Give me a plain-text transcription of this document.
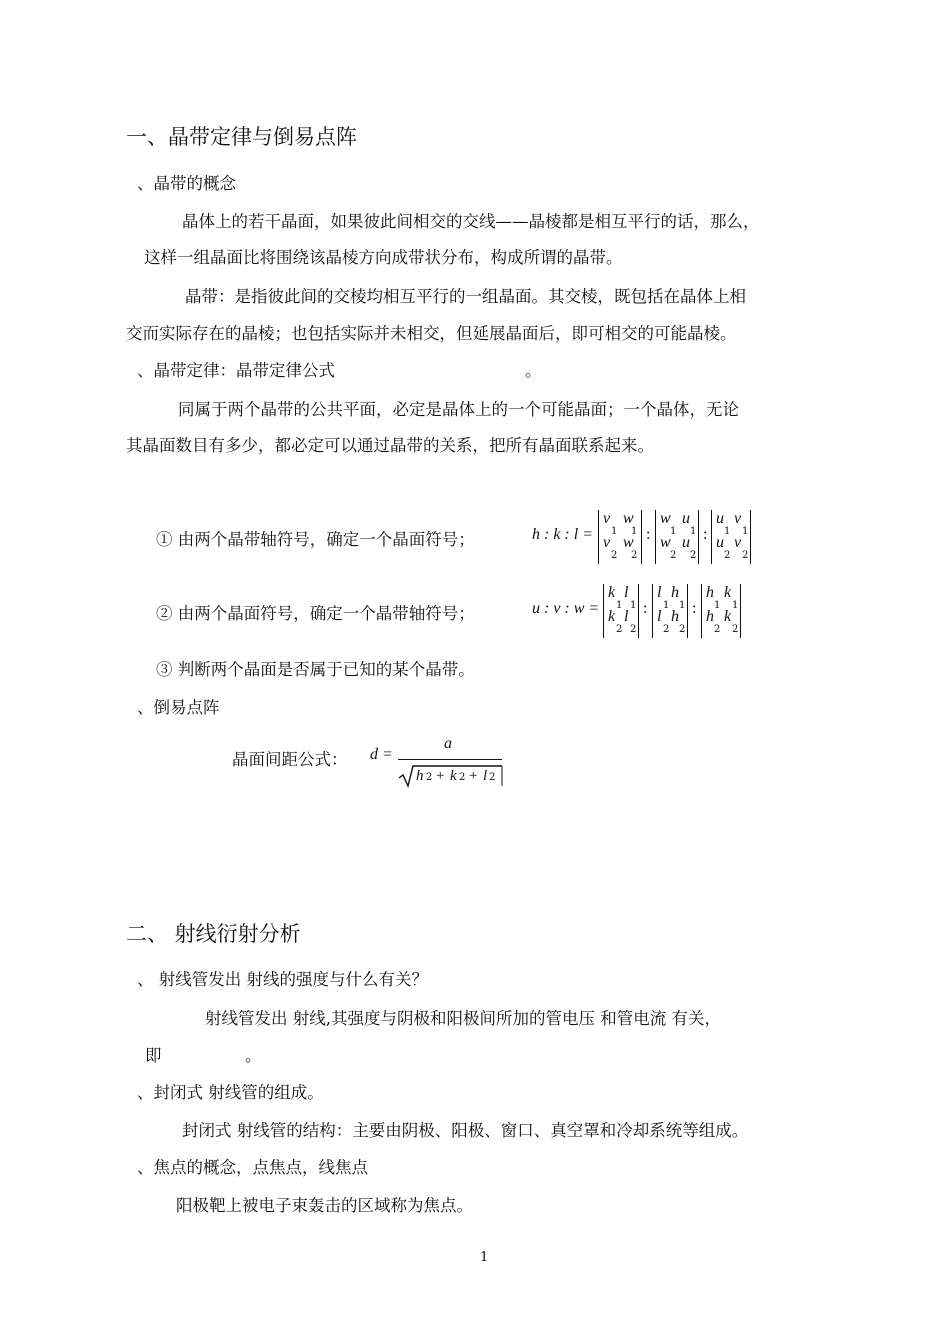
一、晶带定律与倒易点阵
、晶带的概念
晶体上的若干晶面，如果彼此间相交的交线——晶棱都是相互平行的话，那么，
这样一组晶面比将围绕该晶棱方向成带状分布，构成所谓的晶带。
晶带：是指彼此间的交棱均相互平行的一组晶面。其交棱，既包括在晶体上相
交而实际存在的晶棱；也包括实际并未相交，但延展晶面后，即可相交的可能晶棱。
、晶带定律：晶带定律公式	。
同属于两个晶带的公共平面，必定是晶体上的一个可能晶面；一个晶体，无论
其晶面数目有多少，都必定可以通过晶带的关系，把所有晶面联系起来。
① 由两个晶带轴符号，确定一个晶面符号；	h : k : l =
v w
1 1
v w
2 2
:
w u
1 1
w u
2 2
:
u v
1 1
u v
2 2
② 由两个晶面符号，确定一个晶带轴符号；	u : v : w =
k l
1 1
k l
2 2
:
l h
1 1
l h
2 2
:
h k
1 1
h k
2 2
③ 判断两个晶面是否属于已知的某个晶带。
、倒易点阵
晶面间距公式： d =
a
h 2 + k 2 + l 2
二、 射线衍射分析
、 射线管发出 射线的强度与什么有关？
射线管发出 射线,其强度与阴极和阳极间所加的管电压 和管电流 有关，
即	。
、封闭式 射线管的组成。
封闭式 射线管的结构：主要由阴极、阳极、窗口、真空罩和冷却系统等组成。
、焦点的概念，点焦点，线焦点
阳极靶上被电子束轰击的区域称为焦点。
1
